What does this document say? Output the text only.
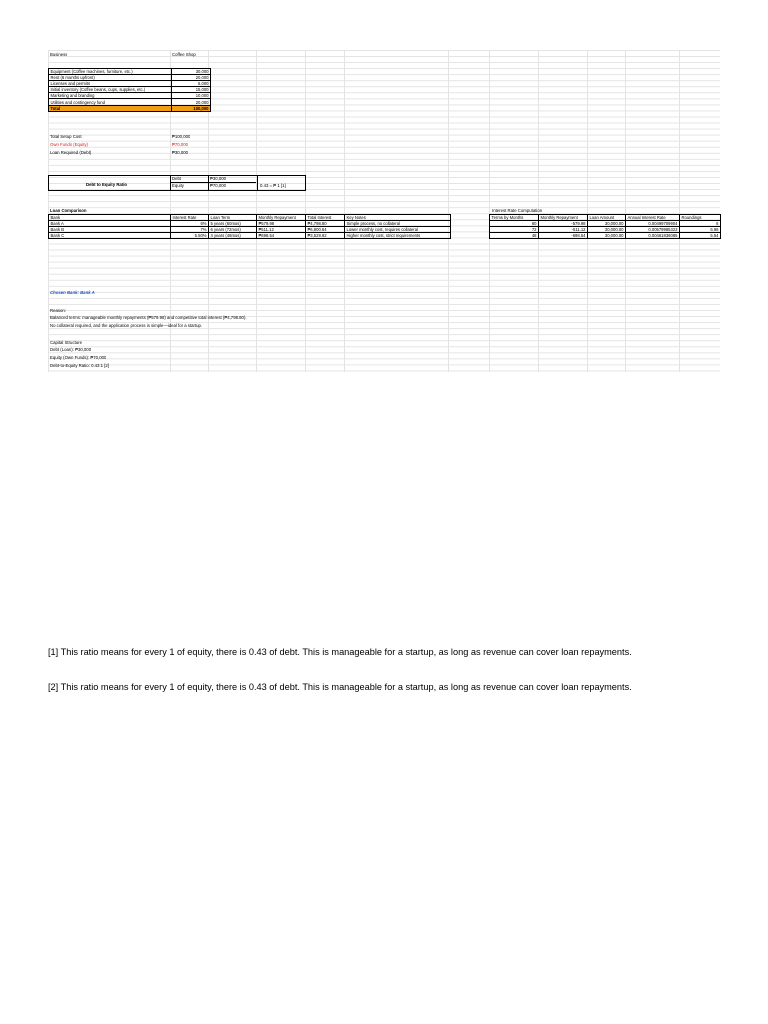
Business	Coffee Shop
Equipment (Coffee machines, furniture, etc.)	30,000
Rent (6 months upfront)	20,000
Licenses and permits	5,000
Initial inventory (Coffee beans, cups, supplies, etc.)	15,000
Marketing and branding	10,000
Utilities and contingency fund	20,000
Total	100,000
Total Setup Cost	₱100,000
Own Funds (Equity)	₱70,000
Loan Required (Debt)	₱30,000
Debt to Equity Ratio
Debt	₱30,000
Equity	₱70,000	0.43 = ₱ 1 [1]
Loan Comparison
Bank	Interest Rate	Loan Term	Monthly Repayment	Total Interest	Key Notes
Bank A	6%	5 years (60mos)	₱579.98	₱4,798.80	Simple process, no collateral
Bank B	7%	6 years (72mos)	₱511.12	₱6,800.64	Lower monthly cost, requires collateral
Bank C	5.50%	4 years (48mos)	₱698.54	₱3,529.92	Higher monthly cost, strict requirements
Interest Rate Computation
Terms by Months	Monthly Repayment	Loan Amount	Annual Interest Rate	Roundings
60	-579.98	30,000.00	0.00499709904	6
72	-511.12	30,000.00	0.00579985323	6.96
48	-698.54	30,000.00	0.00461836085	5.54
Chosen Bank: Bank A
Reason:
Balanced terms: manageable monthly repayments (₱579.98) and competitive total interest (₱4,798.80).
No collateral required, and the application process is simple—ideal for a startup.
Capital Structure
Debt (Loan): ₱30,000
Equity (Own Funds): ₱70,000
Debt-to-Equity Ratio: 0.43:1 [2]
[1] This ratio means for every 1 of equity, there is 0.43 of debt. This is manageable for a startup, as long as revenue can cover loan repayments.
[2] This ratio means for every 1 of equity, there is 0.43 of debt. This is manageable for a startup, as long as revenue can cover loan repayments.
